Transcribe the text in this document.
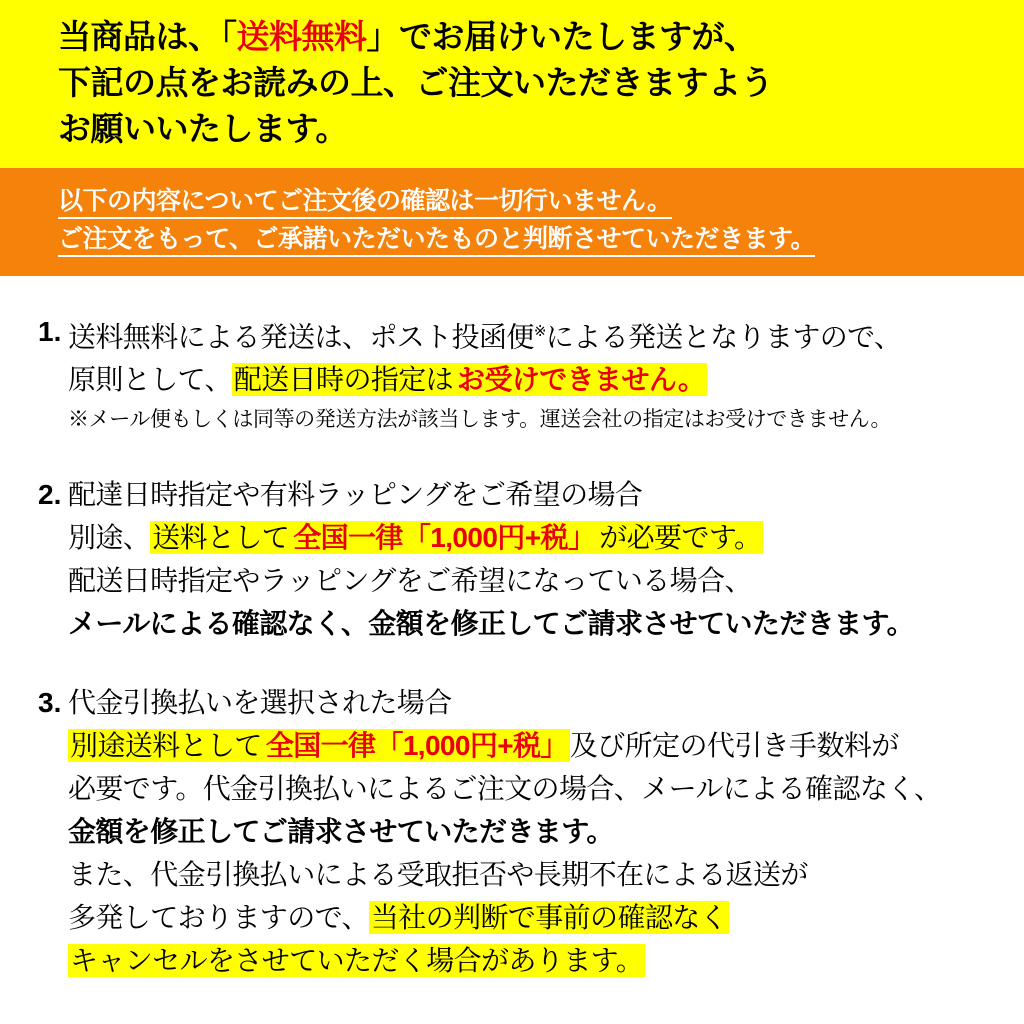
当商品は、「送料無料」でお届けいたしますが、
下記の点をお読みの上、ご注文いただきますよう
お願いいたします。
以下の内容についてご注文後の確認は一切行いません。
ご注文をもって、ご承諾いただいたものと判断させていただきます。
1. 送料無料による発送は、ポスト投函便※による発送となりますので、
原則として、配送日時の指定は お受けできません。
※メール便もしくは同等の発送方法が該当します。運送会社の指定はお受けできません。
2. 配達日時指定や有料ラッピングをご希望の場合
別途、送料として 全国一律「1,000円+税」 が必要です。
配送日時指定やラッピングをご希望になっている場合、
メールによる確認なく、金額を修正してご請求させていただきます。
3. 代金引換払いを選択された場合
別途送料として 全国一律「1,000円+税」及び所定の代引き手数料が
必要です。代金引換払いによるご注文の場合、メールによる確認なく、
金額を修正してご請求させていただきます。
また、代金引換払いによる受取拒否や長期不在による返送が
多発しておりますので、当社の判断で事前の確認なく
キャンセルをさせていただく場合があります。
